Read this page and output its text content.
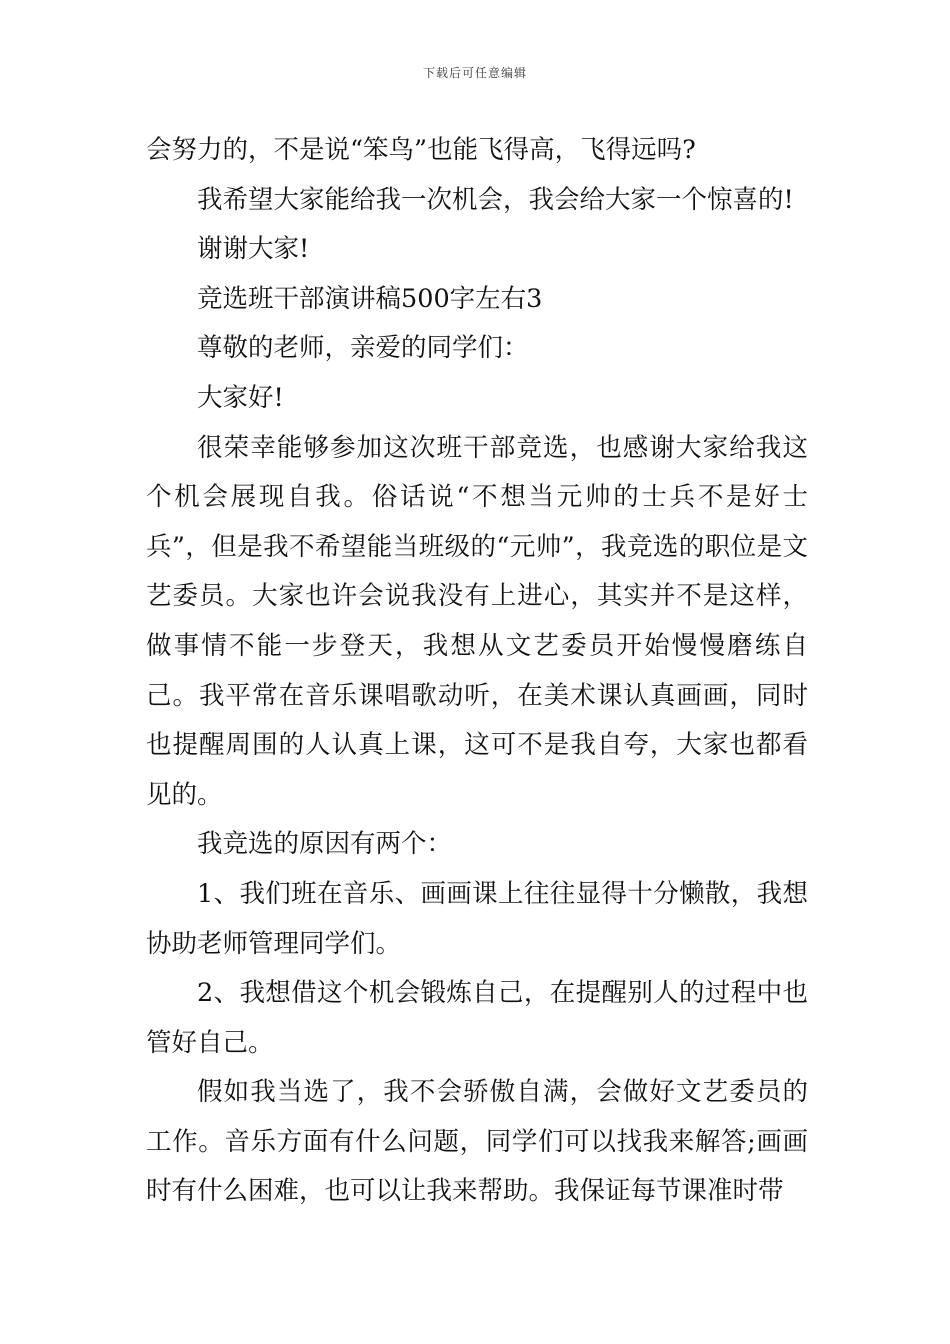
下载后可任意编辑

会努力的，不是说“笨鸟”也能飞得高，飞得远吗?

我希望大家能给我一次机会，我会给大家一个惊喜的!

谢谢大家!

竞选班干部演讲稿500字左右3

尊敬的老师，亲爱的同学们：

大家好!

很荣幸能够参加这次班干部竞选，也感谢大家给我这个机会展现自我。俗话说“不想当元帅的士兵不是好士兵”，但是我不希望能当班级的“元帅”，我竞选的职位是文艺委员。大家也许会说我没有上进心，其实并不是这样，做事情不能一步登天，我想从文艺委员开始慢慢磨练自己。我平常在音乐课唱歌动听，在美术课认真画画，同时也提醒周围的人认真上课，这可不是我自夸，大家也都看见的。

我竞选的原因有两个：

1、我们班在音乐、画画课上往往显得十分懒散，我想协助老师管理同学们。

2、我想借这个机会锻炼自己，在提醒别人的过程中也管好自己。

假如我当选了，我不会骄傲自满，会做好文艺委员的工作。音乐方面有什么问题，同学们可以找我来解答;画画时有什么困难，也可以让我来帮助。我保证每节课准时带
